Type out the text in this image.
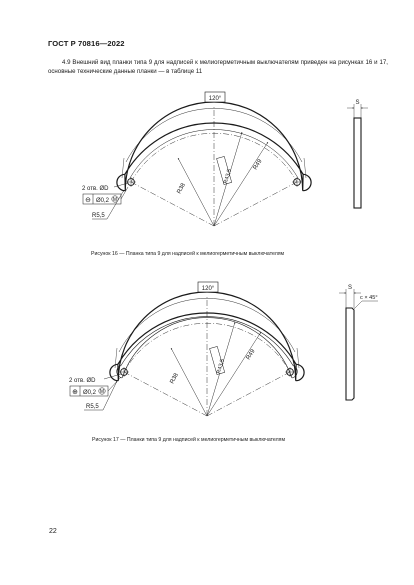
ГОСТ Р 70816—2022
4.9 Внешний вид планки типа 9 для надписей к мелиогерметичным выключателям приведен на рисунках 16 и 17, основные технические данные планки — в таблице 11
120°
R38
R43,5
R49
S
2 отв. ØD
⊖ Ø0,2 M
R5,5
120°
R38
R43,5
R49
S
c × 45°
2 отв. ØD
⊕ Ø0,2 M
R5,5
Рисунок 16 — Планка типа 9 для надписей к мелиогерметичным выключателям
Рисунок 17 — Планки типа 9 для надписей к мелиогерметичным выключателям
22
